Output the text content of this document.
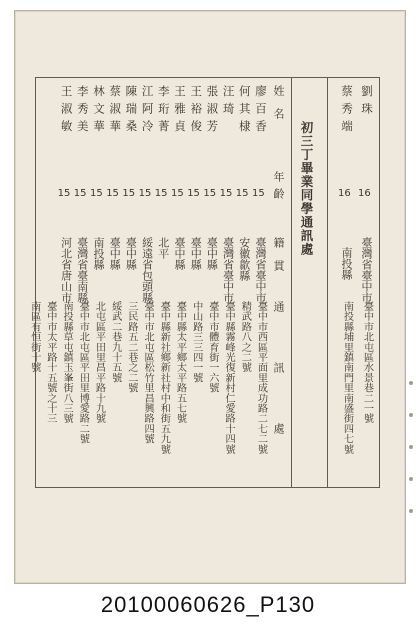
初三丁畢業同學通訊處
劉珠
16
臺灣省臺中市
臺中市北屯區水景巷二一號
蔡秀端
16
南投縣
南投縣埔里鎮南門里南盛街四七號
姓名
年齡
籍貫
通訊處
廖百香
15
臺灣省臺中市
臺中市西區平面里成功路二七二號
何其棣
15
安徽歙縣
精武路八之二號
汪琦
15
臺灣省臺中市
臺中縣霧峰光復新村仁愛路十四號
張淑芳
15
臺中縣
臺中市體育街一六號
王裕俊
15
臺中縣
中山路三三四一號
王雅貞
15
臺中縣
臺中縣太平鄉太平路五七號
李珩菁
15
北平
臺中縣新社鄉新社村中和街五九號
江阿冷
15
綏遠省包頭縣
臺中市北屯區松竹里昌興路四號
陳瑞桑
15
臺中縣
三民路五二巷之二號
蔡淑華
15
臺中縣
綏武二巷九十五號
林文華
15
南投縣
北屯區平田里昌平路十九號
李秀美
15
臺灣省臺南縣
臺中市北屯區平田里博愛路二號
王淑敏
15
河北省唐山市
南投縣草屯鎮玉峯街八三號
臺中市太平路十五號之十三
南區有恒街十號
20100060626_P130
